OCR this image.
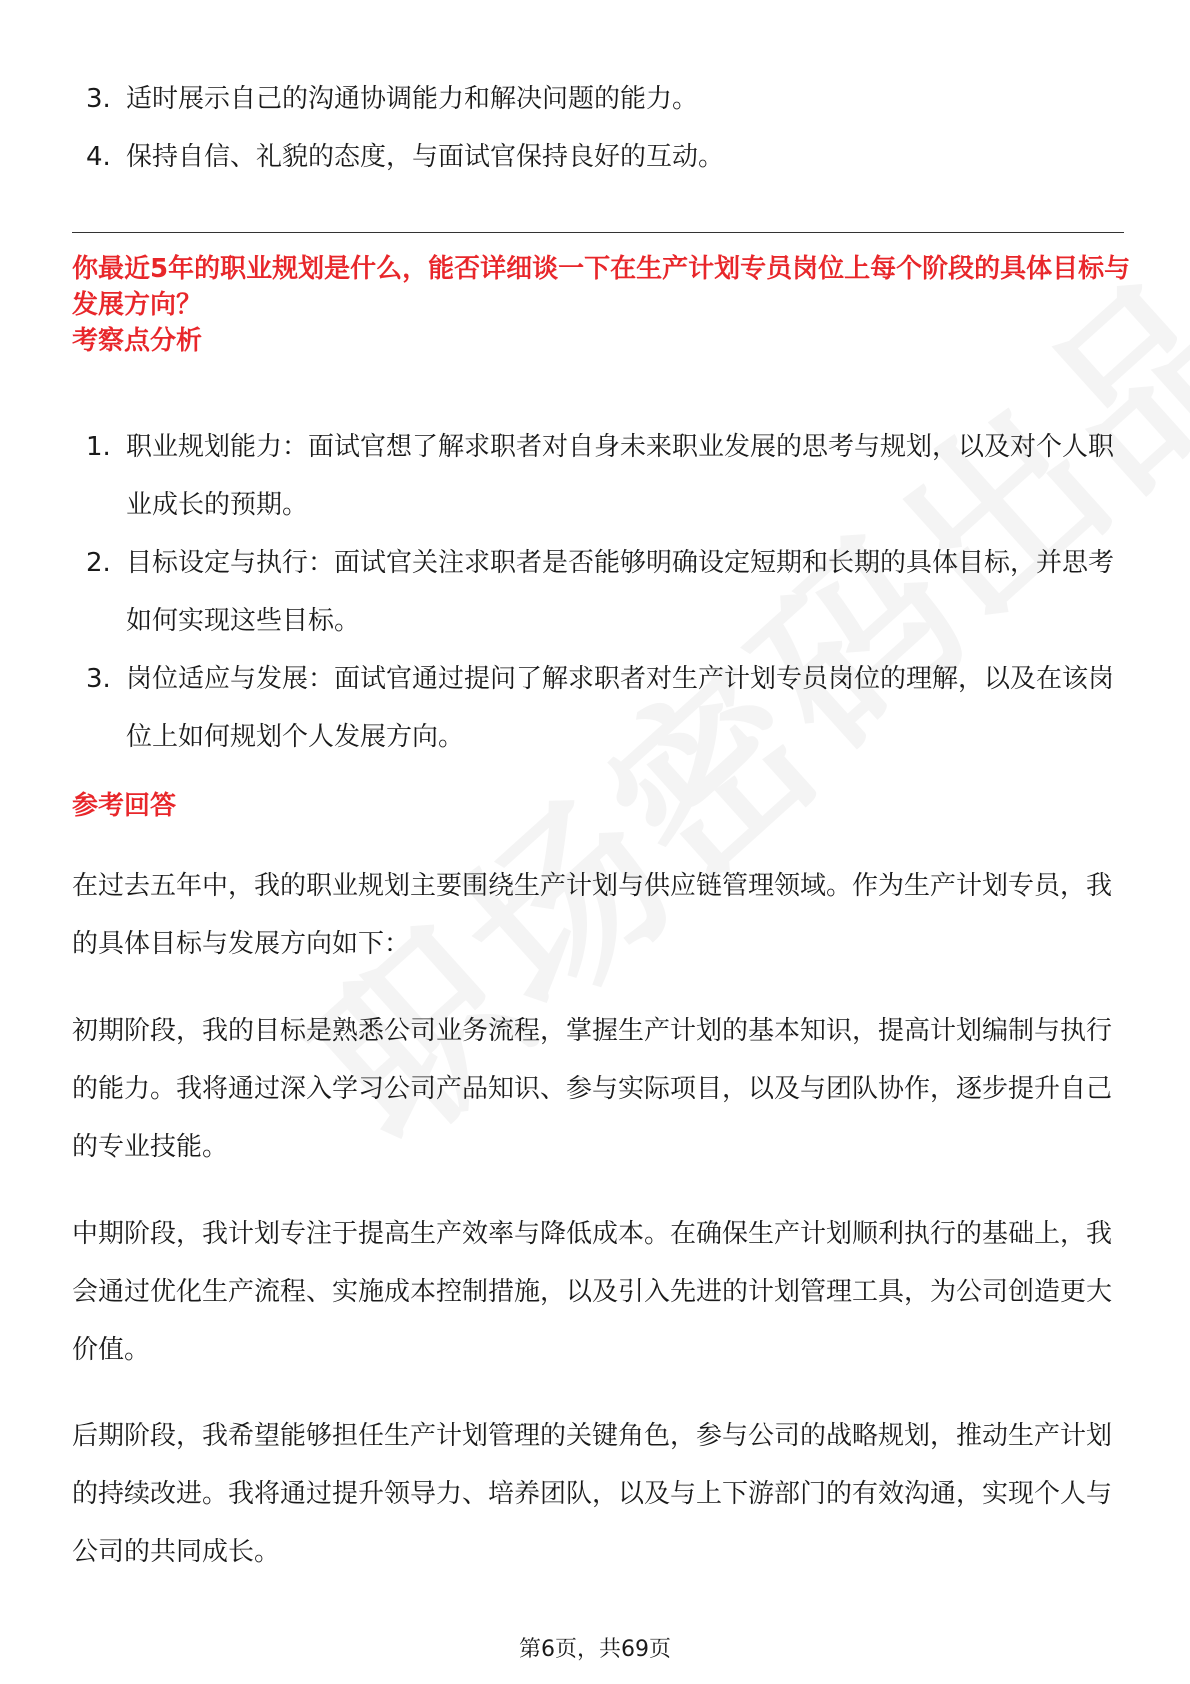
3. 适时展示自己的沟通协调能力和解决问题的能力。
4. 保持自信、礼貌的态度，与面试官保持良好的互动。
你最近5年的职业规划是什么，能否详细谈一下在生产计划专员岗位上每个阶段的具体目标与发展方向？
考察点分析
1. 职业规划能力：面试官想了解求职者对自身未来职业发展的思考与规划，以及对个人职业成长的预期。
2. 目标设定与执行：面试官关注求职者是否能够明确设定短期和长期的具体目标，并思考如何实现这些目标。
3. 岗位适应与发展：面试官通过提问了解求职者对生产计划专员岗位的理解，以及在该岗位上如何规划个人发展方向。
参考回答
在过去五年中，我的职业规划主要围绕生产计划与供应链管理领域。作为生产计划专员，我的具体目标与发展方向如下：
初期阶段，我的目标是熟悉公司业务流程，掌握生产计划的基本知识，提高计划编制与执行的能力。我将通过深入学习公司产品知识、参与实际项目，以及与团队协作，逐步提升自己的专业技能。
中期阶段，我计划专注于提高生产效率与降低成本。在确保生产计划顺利执行的基础上，我会通过优化生产流程、实施成本控制措施，以及引入先进的计划管理工具，为公司创造更大价值。
后期阶段，我希望能够担任生产计划管理的关键角色，参与公司的战略规划，推动生产计划的持续改进。我将通过提升领导力、培养团队，以及与上下游部门的有效沟通，实现个人与公司的共同成长。
第6页，共69页
